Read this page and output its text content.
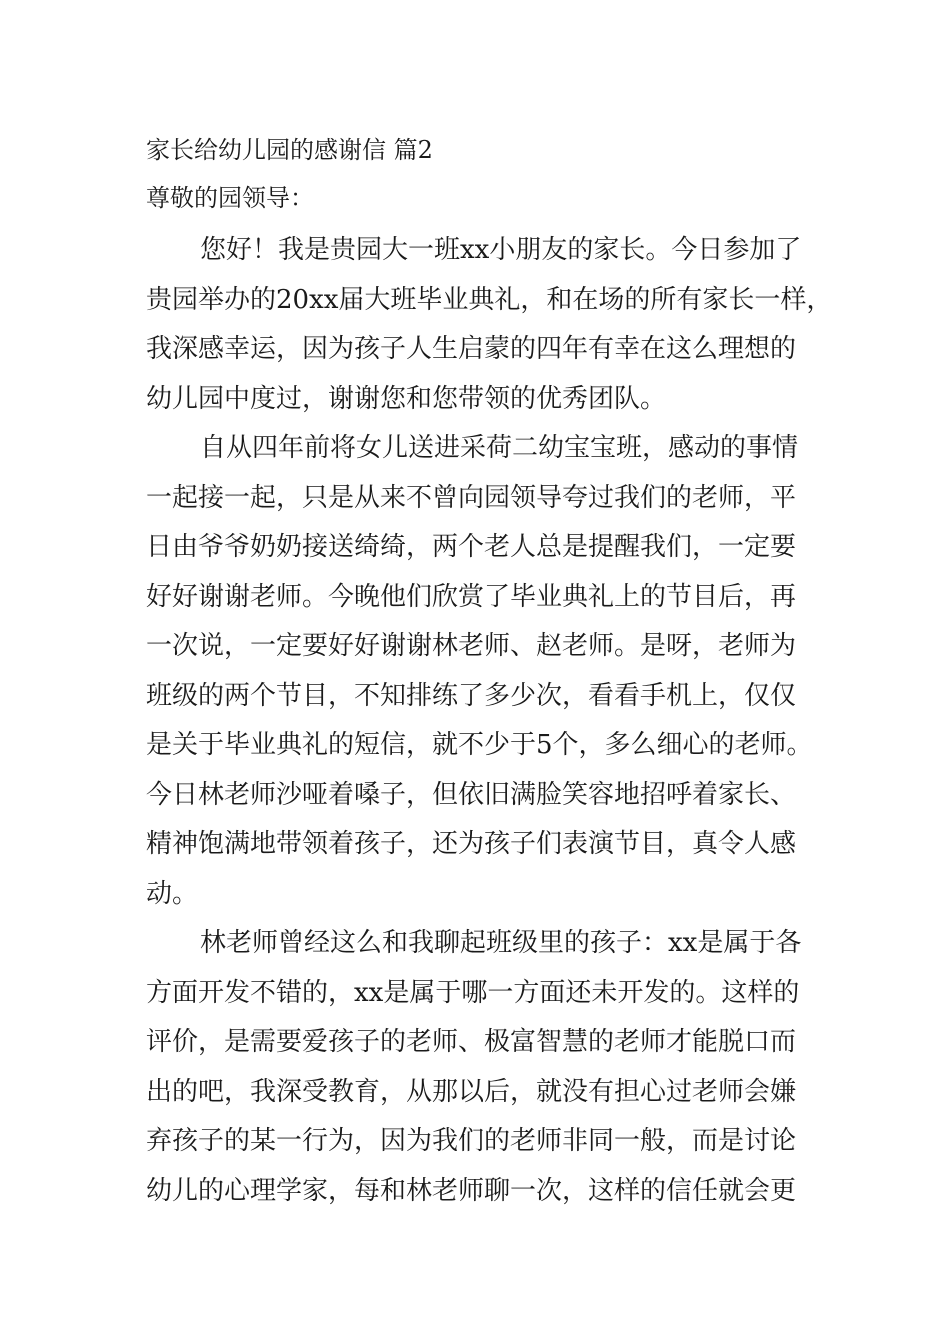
家长给幼儿园的感谢信 篇2
尊敬的园领导：
您好！我是贵园大一班xx小朋友的家长。今日参加了
贵园举办的20xx届大班毕业典礼，和在场的所有家长一样，
我深感幸运，因为孩子人生启蒙的四年有幸在这么理想的
幼儿园中度过，谢谢您和您带领的优秀团队。
自从四年前将女儿送进采荷二幼宝宝班，感动的事情
一起接一起，只是从来不曾向园领导夸过我们的老师，平
日由爷爷奶奶接送绮绮，两个老人总是提醒我们，一定要
好好谢谢老师。今晚他们欣赏了毕业典礼上的节目后，再
一次说，一定要好好谢谢林老师、赵老师。是呀，老师为
班级的两个节目，不知排练了多少次，看看手机上，仅仅
是关于毕业典礼的短信，就不少于5个，多么细心的老师。
今日林老师沙哑着嗓子，但依旧满脸笑容地招呼着家长、
精神饱满地带领着孩子，还为孩子们表演节目，真令人感
动。
林老师曾经这么和我聊起班级里的孩子：xx是属于各
方面开发不错的，xx是属于哪一方面还未开发的。这样的
评价，是需要爱孩子的老师、极富智慧的老师才能脱口而
出的吧，我深受教育，从那以后，就没有担心过老师会嫌
弃孩子的某一行为，因为我们的老师非同一般，而是讨论
幼儿的心理学家，每和林老师聊一次，这样的信任就会更
